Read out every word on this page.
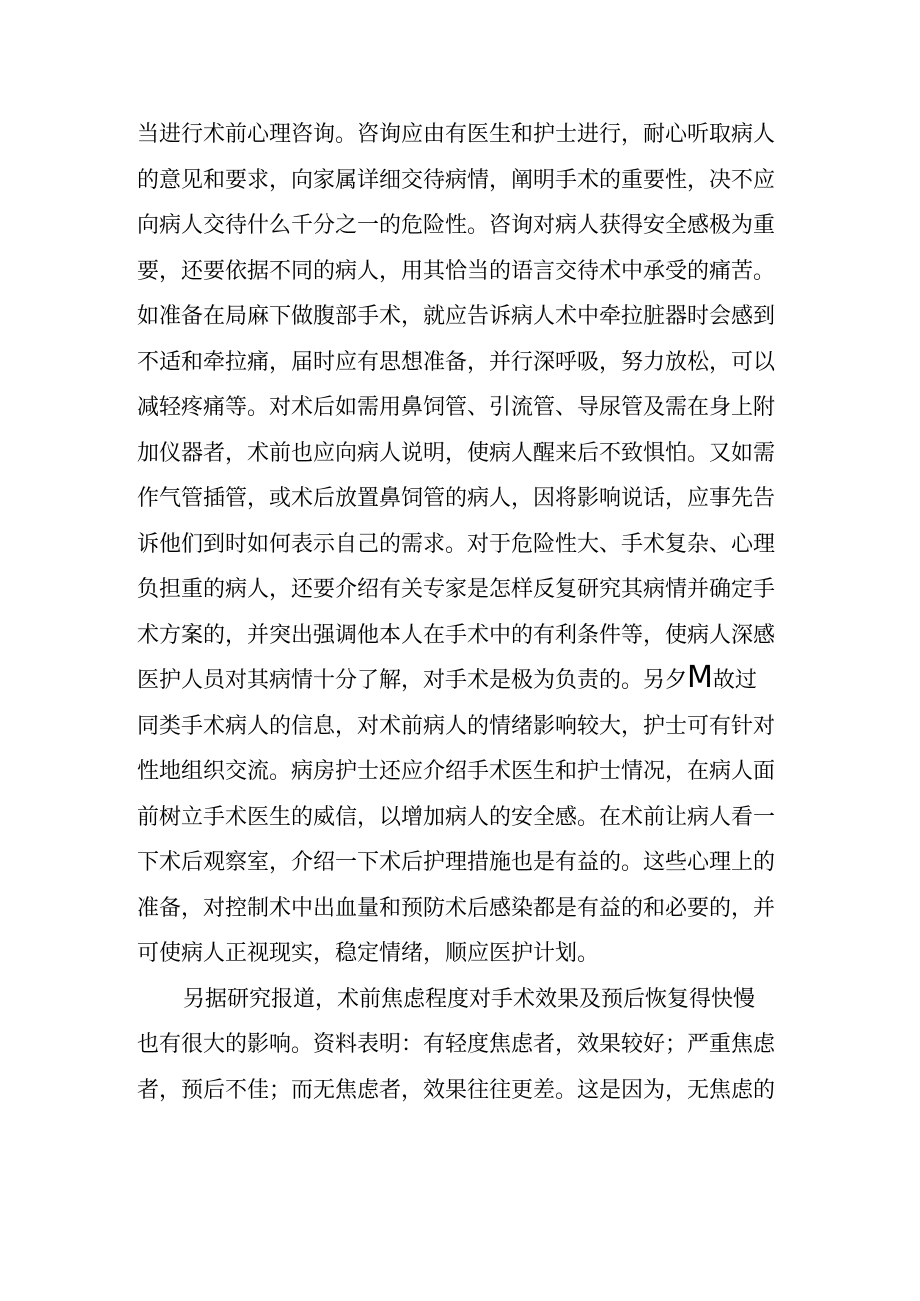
当进行术前心理咨询。咨询应由有医生和护士进行，耐心听取病人
的意见和要求，向家属详细交待病情，阐明手术的重要性，决不应
向病人交待什么千分之一的危险性。咨询对病人获得安全感极为重
要，还要依据不同的病人，用其恰当的语言交待术中承受的痛苦。
如准备在局麻下做腹部手术，就应告诉病人术中牵拉脏器时会感到
不适和牵拉痛，届时应有思想准备，并行深呼吸，努力放松，可以
减轻疼痛等。对术后如需用鼻饲管、引流管、导尿管及需在身上附
加仪器者，术前也应向病人说明，使病人醒来后不致惧怕。又如需
作气管插管，或术后放置鼻饲管的病人，因将影响说话，应事先告
诉他们到时如何表示自己的需求。对于危险性大、手术复杂、心理
负担重的病人，还要介绍有关专家是怎样反复研究其病情并确定手
术方案的，并突出强调他本人在手术中的有利条件等，使病人深感
医护人员对其病情十分了解，对手术是极为负责的。另夕M故过
同类手术病人的信息，对术前病人的情绪影响较大，护士可有针对
性地组织交流。病房护士还应介绍手术医生和护士情况，在病人面
前树立手术医生的威信，以增加病人的安全感。在术前让病人看一
下术后观察室，介绍一下术后护理措施也是有益的。这些心理上的
准备，对控制术中出血量和预防术后感染都是有益的和必要的，并
可使病人正视现实，稳定情绪，顺应医护计划。
另据研究报道，术前焦虑程度对手术效果及预后恢复得快慢
也有很大的影响。资料表明：有轻度焦虑者，效果较好；严重焦虑
者，预后不佳；而无焦虑者，效果往往更差。这是因为，无焦虑的
